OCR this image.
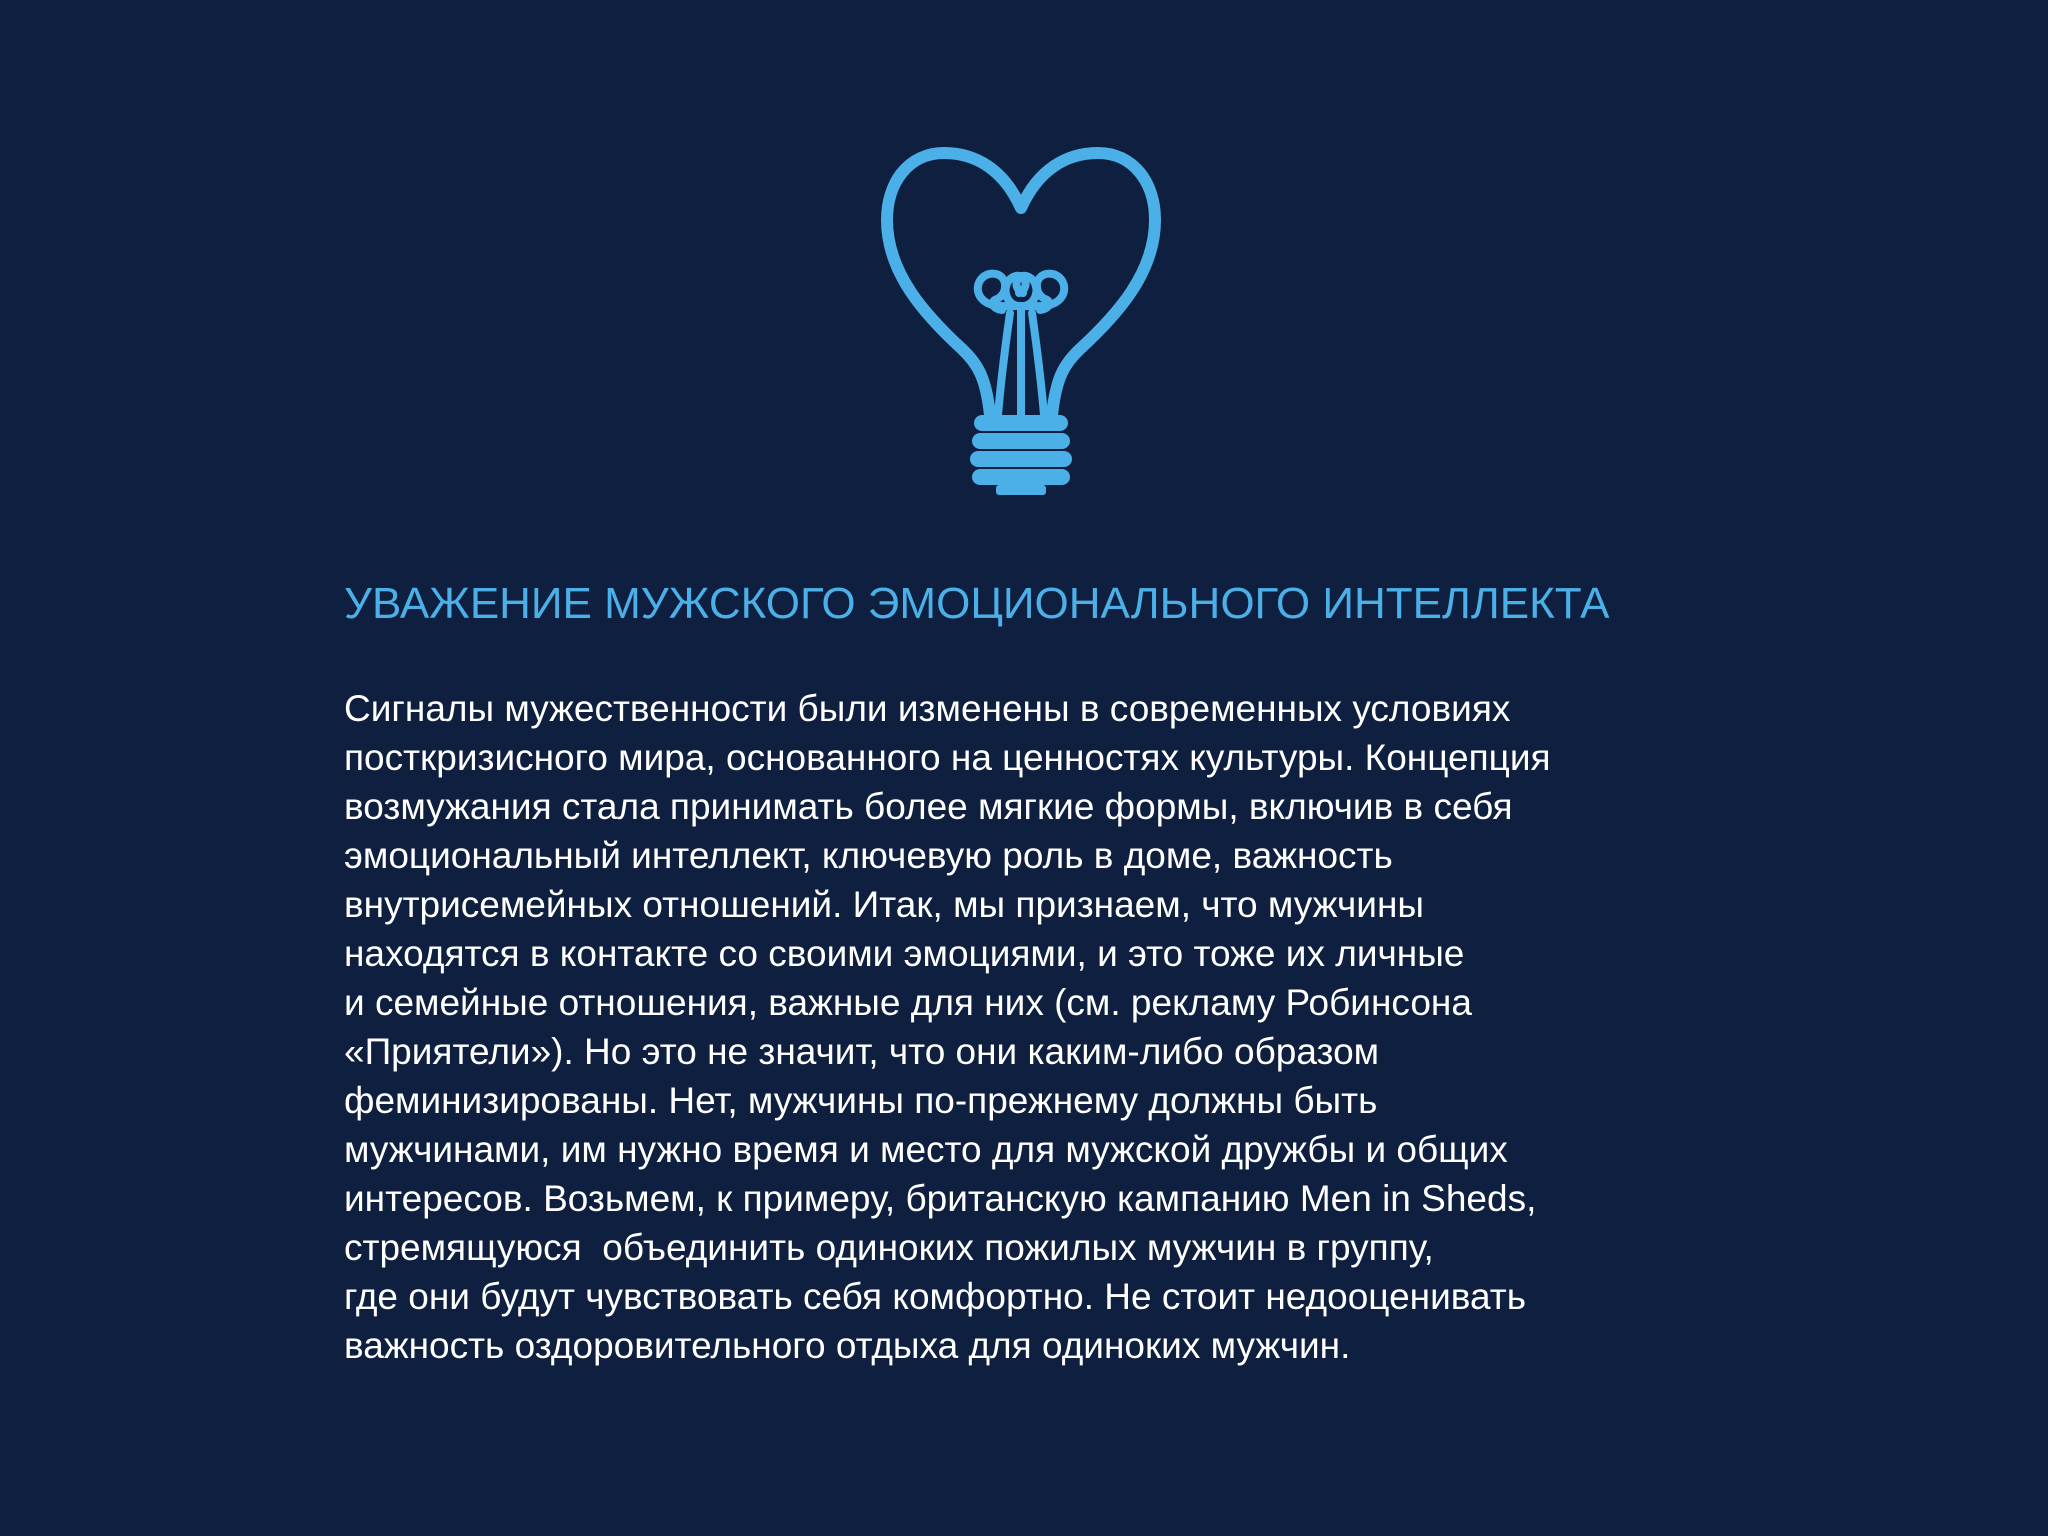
УВАЖЕНИЕ МУЖСКОГО ЭМОЦИОНАЛЬНОГО ИНТЕЛЛЕКТА
Сигналы мужественности были изменены в современных условиях
посткризисного мира, основанного на ценностях культуры. Концепция
возмужания стала принимать более мягкие формы, включив в себя
эмоциональный интеллект, ключевую роль в доме, важность
внутрисемейных отношений. Итак, мы признаем, что мужчины
находятся в контакте со своими эмоциями, и это тоже их личные
и семейные отношения, важные для них (см. рекламу Робинсона
«Приятели»). Но это не значит, что они каким-либо образом
феминизированы. Нет, мужчины по-прежнему должны быть
мужчинами, им нужно время и место для мужской дружбы и общих
интересов. Возьмем, к примеру, британскую кампанию Men in Sheds,
стремящуюся  объединить одиноких пожилых мужчин в группу,
где они будут чувствовать себя комфортно. Не стоит недооценивать
важность оздоровительного отдыха для одиноких мужчин.
